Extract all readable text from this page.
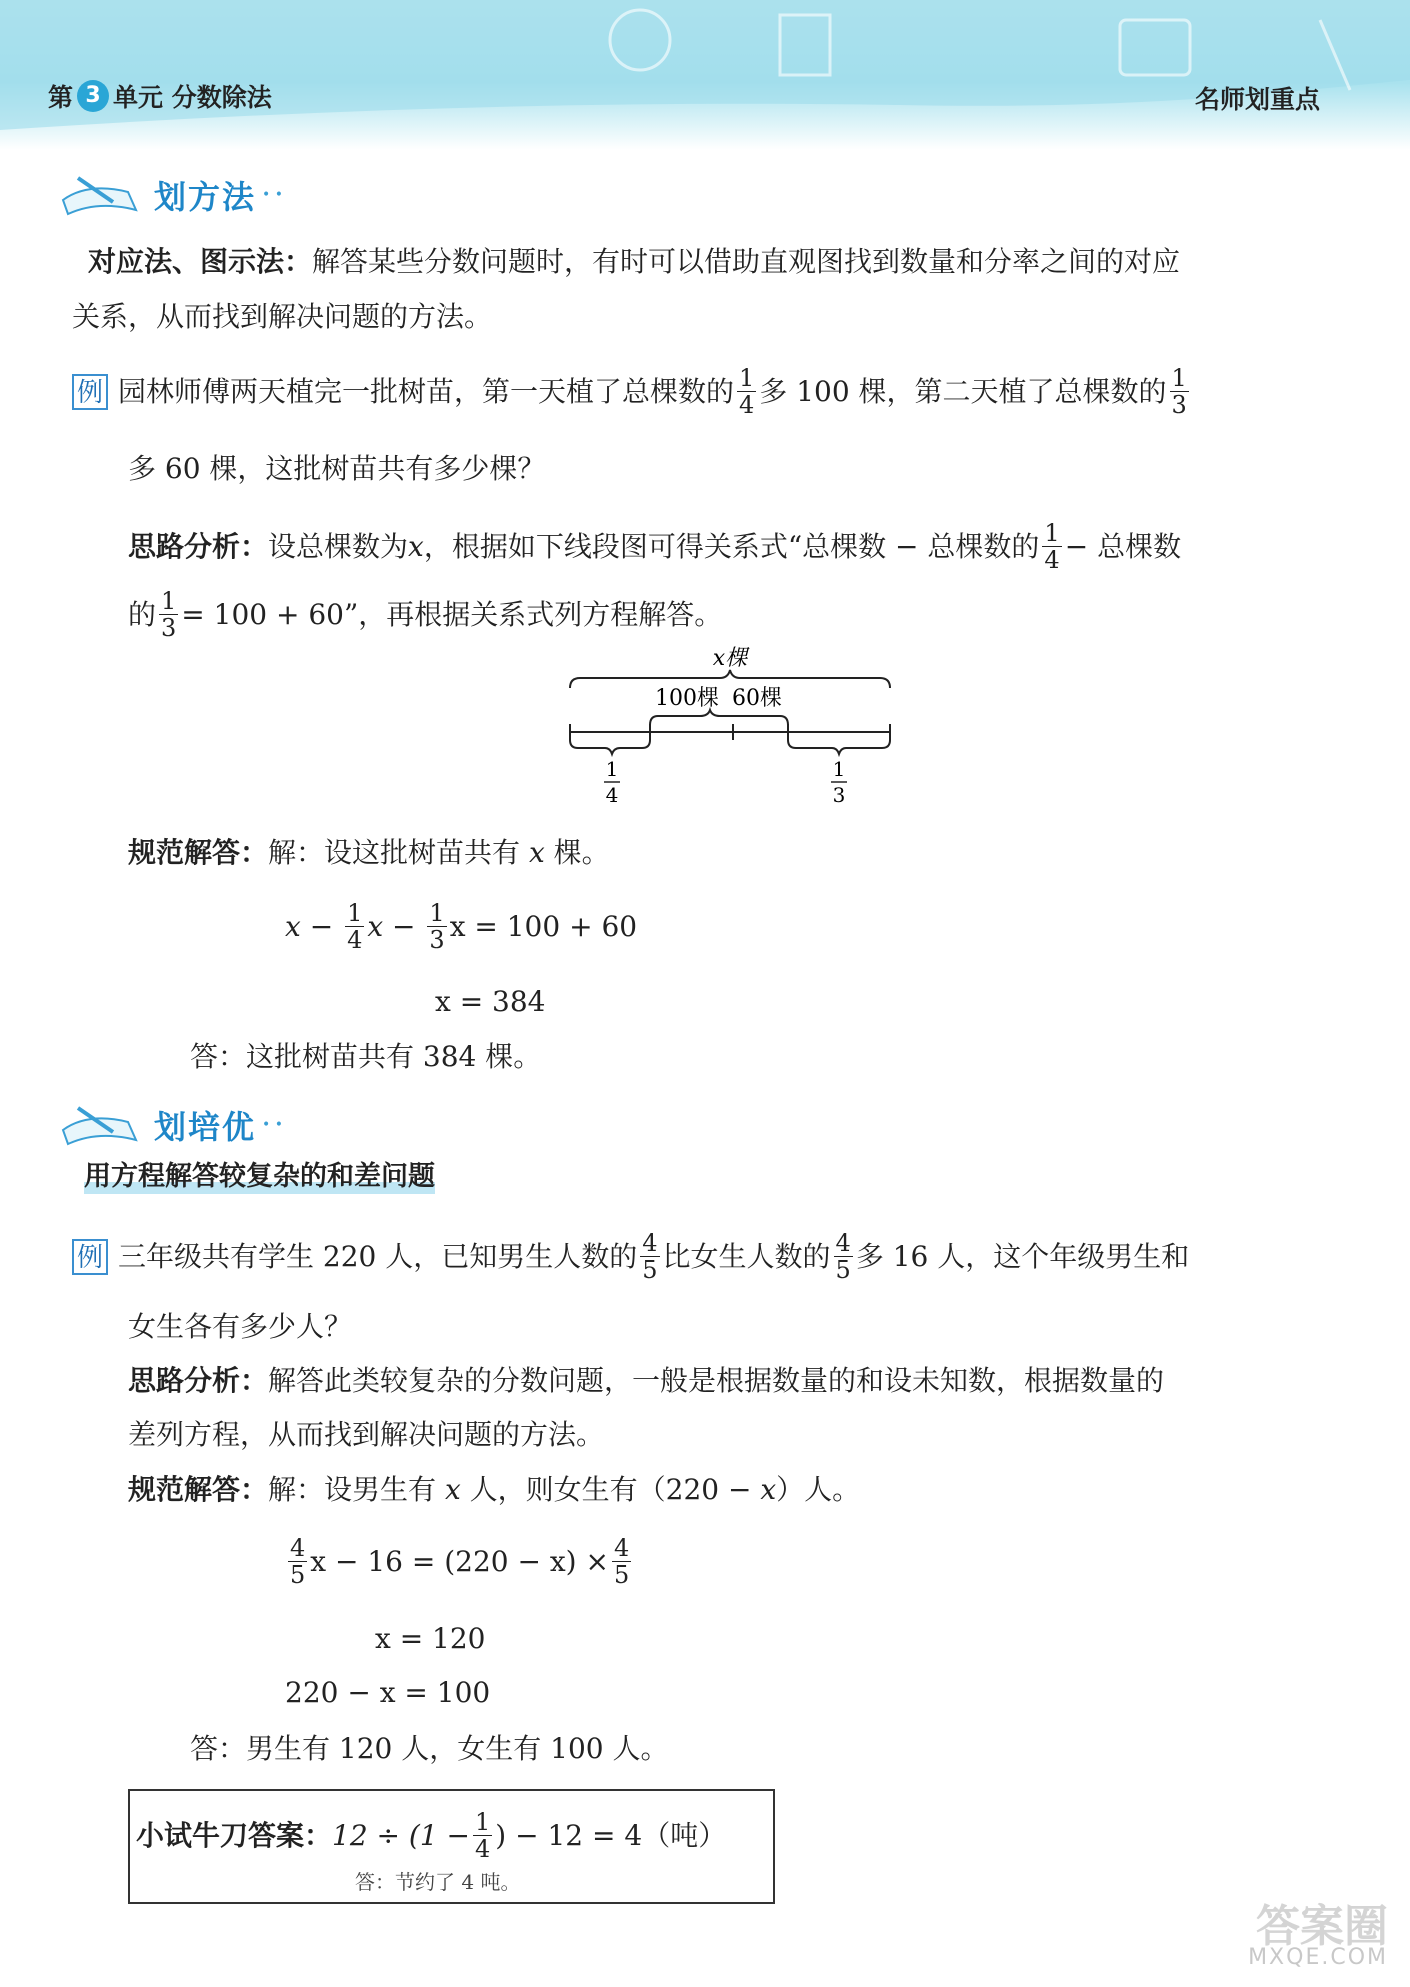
第 3 单元 分数除法	名师划重点
划方法 • •
对应法、图示法：解答某些分数问题时，有时可以借助直观图找到数量和分率之间的对应
关系，从而找到解决问题的方法。
例 园林师傅两天植完一批树苗，第一天植了总棵数的 $\frac{1}{4}$ 多 100 棵，第二天植了总棵数的 $\frac{1}{3}$
多 60 棵，这批树苗共有多少棵？
思路分析： 设总棵数为 x ，根据如下线段图可得关系式“总棵数 − 总棵数的 $\frac{1}{4}$ − 总棵数
的 $\frac{1}{3} = 100 + 60$”，再根据关系式列方程解答。
x棵
100棵 60棵
1
4
1
3
规范解答：解：设这批树苗共有 x 棵。
$x - \frac{1}{4}$ $x - \frac{1}{3}$ x = 100 + 60
x = 384
答：这批树苗共有 384 棵。
划培优 • •
用方程解答较复杂的和差问题
例 三年级共有学生 220 人，已知男生人数的 $\frac{4}{5}$ 比女生人数的 $\frac{4}{5}$ 多 16 人，这个年级男生和
女生各有多少人？
思路分析：解答此类较复杂的分数问题，一般是根据数量的和设未知数，根据数量的
差列方程，从而找到解决问题的方法。
规范解答：解：设男生有 x 人，则女生有（220 − x）人。
$\frac{4}{5}$ $x - 16 = (220 - x) \times \frac{4}{5}$
x = 120
220 − x = 100
答：男生有 120 人，女生有 100 人。
小试牛刀答案： $12 \div (1 - \frac{1}{4}$ ) − 12 = 4（吨）
答：节约了 4 吨。
答案圈
MXQE.COM
